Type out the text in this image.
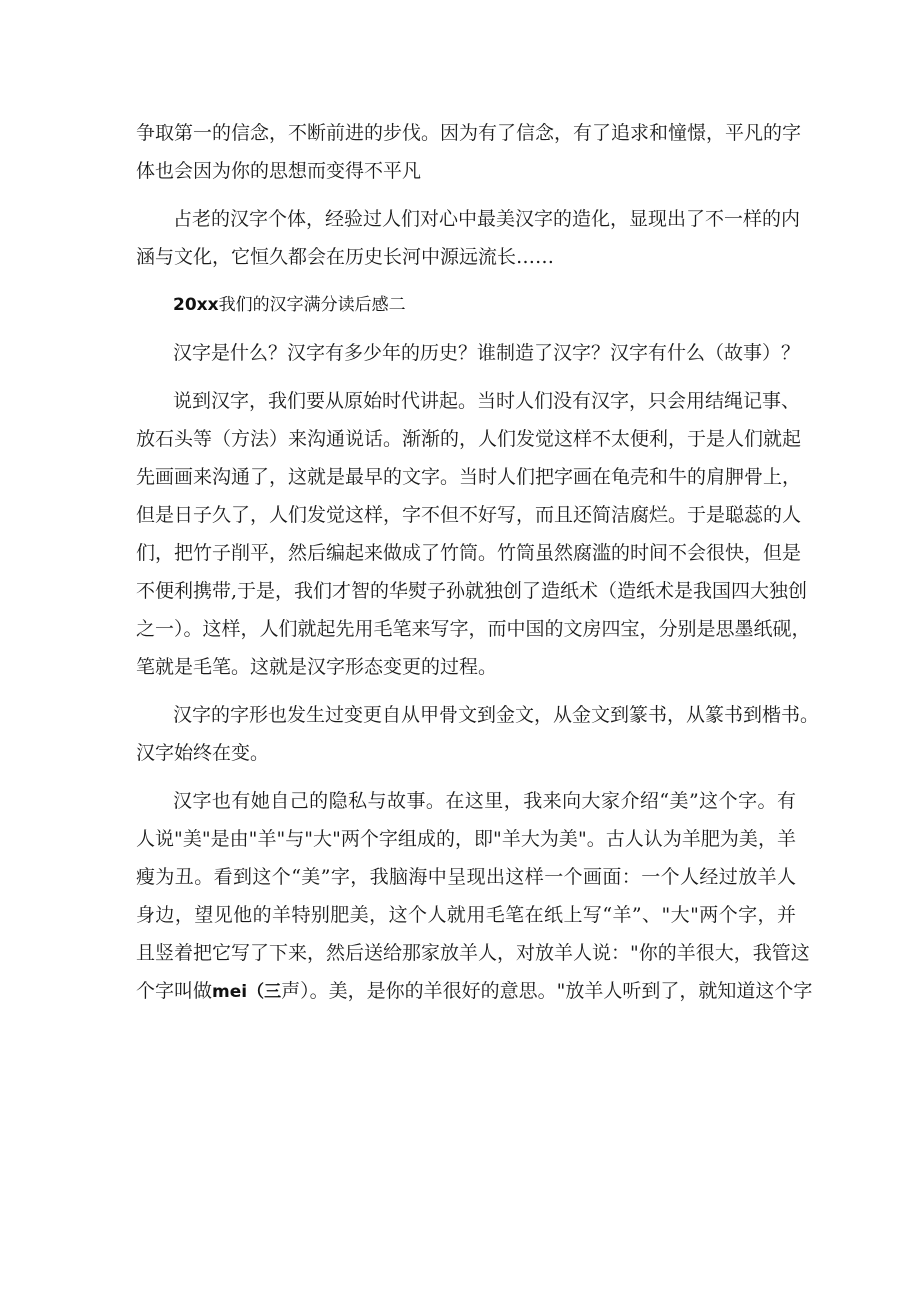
争取第一的信念，不断前进的步伐。因为有了信念，有了追求和憧憬，平凡的字
体也会因为你的思想而变得不平凡
占老的汉字个体，经验过人们对心中最美汉字的造化，显现出了不一样的内
涵与文化，它恒久都会在历史长河中源远流长……
20xx我们的汉字满分读后感二
汉字是什么？汉字有多少年的历史？谁制造了汉字？汉字有什么（故事）？
说到汉字，我们要从原始时代讲起。当时人们没有汉字，只会用结绳记事、
放石头等（方法）来沟通说话。渐渐的，人们发觉这样不太便利，于是人们就起
先画画来沟通了，这就是最早的文字。当时人们把字画在龟壳和牛的肩胛骨上，
但是日子久了，人们发觉这样，字不但不好写，而且还简洁腐烂。于是聪蕊的人
们，把竹子削平，然后编起来做成了竹筒。竹筒虽然腐滥的时间不会很快，但是
不便利携带,于是，我们才智的华熨子孙就独创了造纸术（造纸术是我国四大独创
之一）。这样，人们就起先用毛笔来写字，而中国的文房四宝，分别是思墨纸砚，
笔就是毛笔。这就是汉字形态变更的过程。
汉字的字形也发生过变更自从甲骨文到金文，从金文到篆书，从篆书到楷书。
汉字始终在变。
汉字也有她自己的隐私与故事。在这里，我来向大家介绍“美”这个字。有
人说"美"是由"羊"与"大"两个字组成的，即"羊大为美"。古人认为羊肥为美，羊
瘦为丑。看到这个“美”字，我脑海中呈现出这样一个画面：一个人经过放羊人
身边，望见他的羊特别肥美，这个人就用毛笔在纸上写“羊”、"大"两个字，并
且竖着把它写了下来，然后送给那家放羊人，对放羊人说："你的羊很大，我管这
个字叫做mei（三声）。美，是你的羊很好的意思。"放羊人听到了，就知道这个字
